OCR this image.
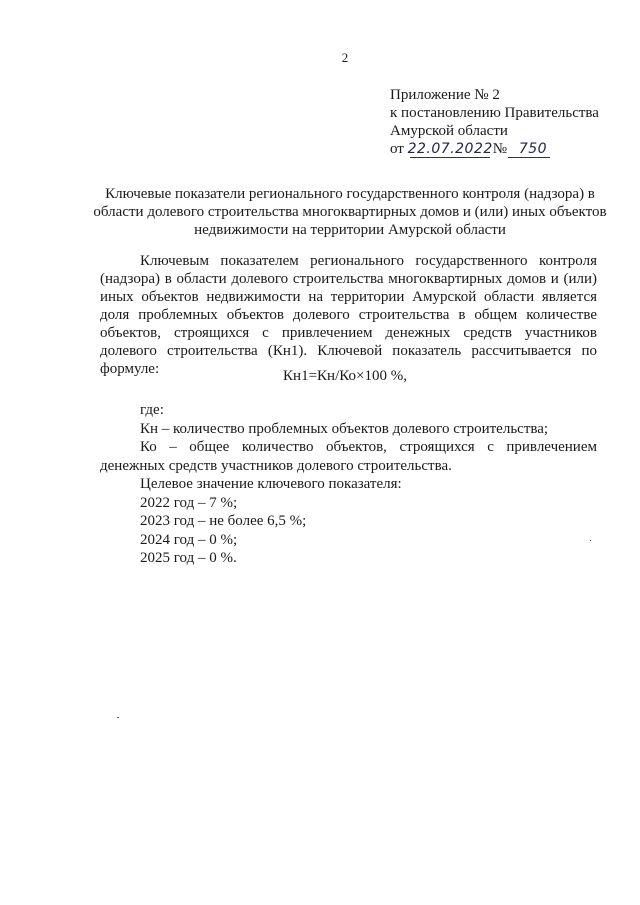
2
Приложение № 2
к постановлению Правительства
Амурской области
от 22.07.2022№ 750
Ключевые показатели регионального государственного контроля (надзора) в
области долевого строительства многоквартирных домов и (или) иных объектов
недвижимости на территории Амурской области

Ключевым показателем регионального государственного контроля (надзора) в области долевого строительства многоквартирных домов и (или) иных объектов недвижимости на территории Амурской области является доля проблемных объектов долевого строительства в общем количестве объектов, строящихся с привлечением денежных средств участников долевого строительства (Кн1). Ключевой показатель рассчитывается по формуле:	Кн1=Кн/Ко×100 %,

где:

Кн – количество проблемных объектов долевого строительства;

Ко – общее количество объектов, строящихся с привлечением денежных средств участников долевого строительства.

Целевое значение ключевого показателя:

2022 год – 7 %;

2023 год – не более 6,5 %;

2024 год – 0 %;

2025 год – 0 %.
